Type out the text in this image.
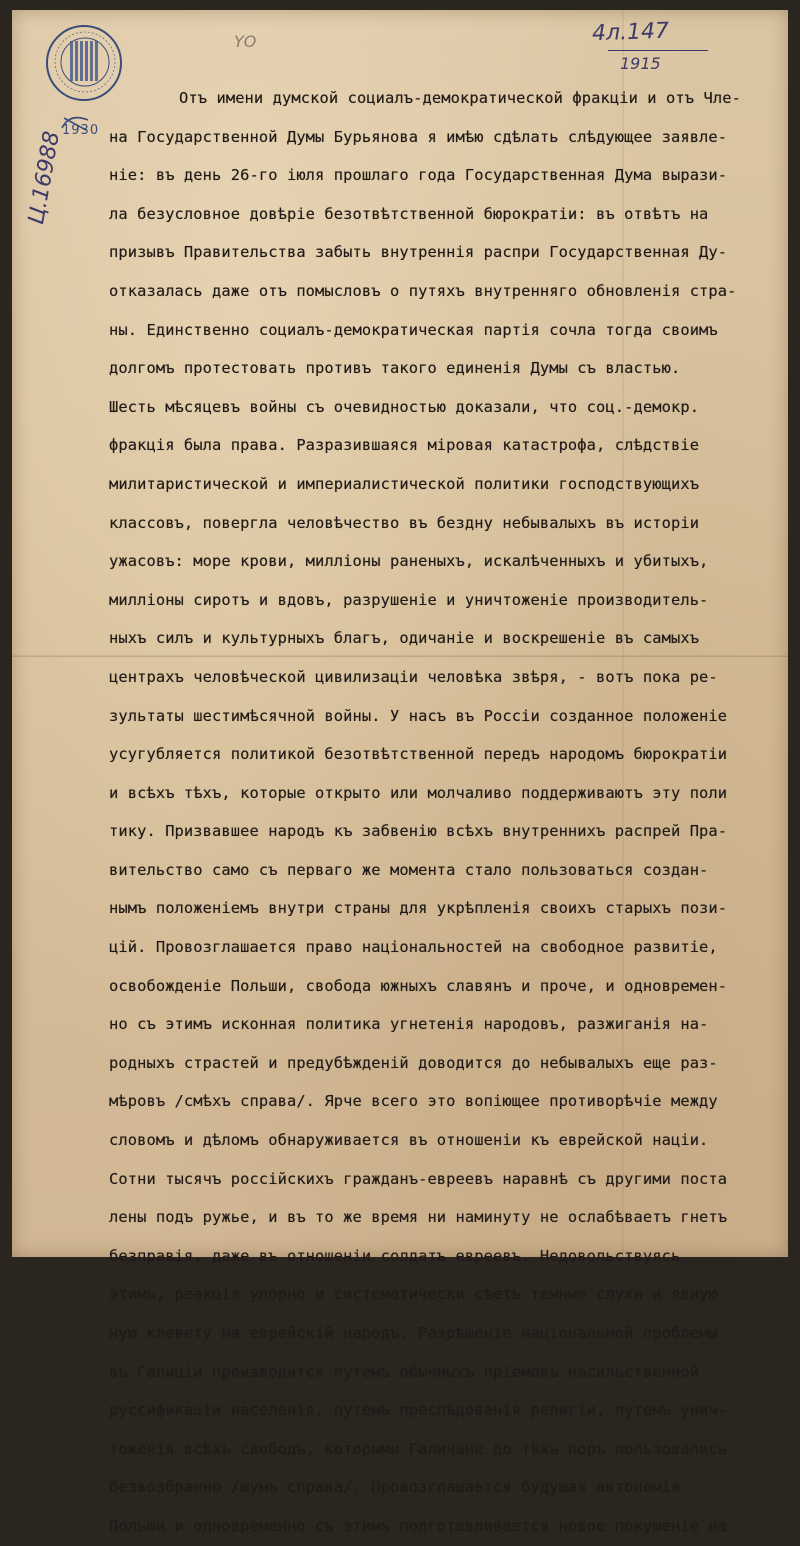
1930
ΥΟ	4л.147
1915
Ц.16988
Отъ имени думской социалъ-демократической фракціи и отъ Чле-
на Государственной Думы Бурьянова я имѣю сдѣлать слѣдующее заявле-
ніе: въ день 26-го іюля прошлаго года Государственная Дума вырази-
ла безусловное довѣріе безотвѣтственной бюрократіи: въ отвѣтъ на
призывъ Правительства забыть внутреннія распри Государственная Ду-
отказалась даже отъ помысловъ о путяхъ внутренняго обновленія стра-
ны. Единственно социалъ-демократическая партія сочла тогда своимъ
долгомъ протестовать противъ такого единенія Думы съ властью.
Шесть мѣсяцевъ войны съ очевидностью доказали, что соц.-демокр.
фракція была права. Разразившаяся міровая катастрофа, слѣдствіе
милитаристической и империалистической политики господствующихъ
классовъ, повергла человѣчество въ бездну небывалыхъ въ исторіи
ужасовъ: море крови, милліоны раненыхъ, искалѣченныхъ и убитыхъ,
милліоны сиротъ и вдовъ, разрушеніе и уничтоженіе производитель-
ныхъ силъ и культурныхъ благъ, одичаніе и воскрешеніе въ самыхъ
центрахъ человѣческой цивилизаціи человѣка звѣря, - вотъ пока ре-
зультаты шестимѣсячной войны. У насъ въ Россіи созданное положеніе
усугубляется политикой безотвѣтственной передъ народомъ бюрократіи
и всѣхъ тѣхъ, которые открыто или молчаливо поддерживаютъ эту поли
тику. Призвавшее народъ къ забвенію всѣхъ внутреннихъ распрей Пра-
вительство само съ перваго же момента стало пользоваться создан-
нымъ положеніемъ внутри страны для укрѣпленія своихъ старыхъ пози-
цій. Провозглашается право національностей на свободное развитіе,
освобожденіе Польши, свобода южныхъ славянъ и проче, и одновремен-
но съ этимъ исконная политика угнетенія народовъ, разжиганія на-
родныхъ страстей и предубѣжденій доводится до небывалыхъ еще раз-
мѣровъ /смѣхъ справа/. Ярче всего это вопіющее противорѣчіе между
словомъ и дѣломъ обнаруживается въ отношеніи къ еврейской націи.
Сотни тысячъ россійскихъ гражданъ-евреевъ наравнѣ съ другими поста
лены подъ ружье, и въ то же время ни наминуту не ослабѣваетъ гнетъ
безправія, даже въ отношеніи солдатъ евреевъ. Недовольствуясь
этимъ, реакція упорно и систематически сѣетъ темные слухи и явную
ную клевету на еврейскій народъ. Разрѣшеніе національной проблемы
въ Галиціи производится путемъ обычныхъ пріемовъ насильственной
руссификаціи населенія, путемъ преслѣдованія религіи, путемъ унич-
тоженія всѣхъ свободъ, которыми Галичане до тѣхъ поръ пользовались
безвозбранно /шумъ справа/. Провозглашается будущая автономія
Польши и одновременно съ этимъ подготавливается новое покушеніе на
